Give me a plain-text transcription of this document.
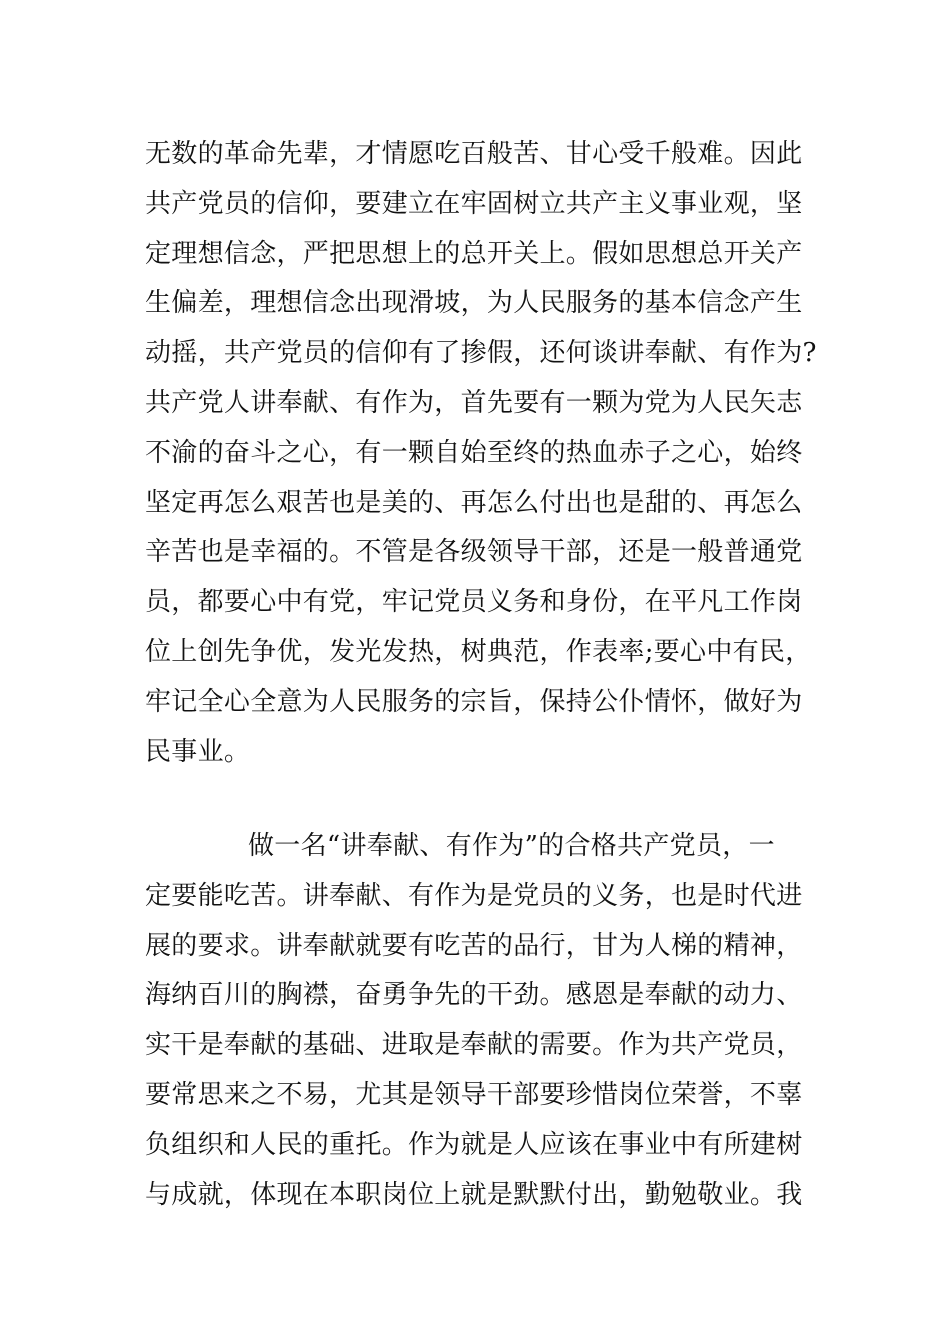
无数的革命先辈，才情愿吃百般苦、甘心受千般难。因此
共产党员的信仰，要建立在牢固树立共产主义事业观，坚
定理想信念，严把思想上的总开关上。假如思想总开关产
生偏差，理想信念出现滑坡，为人民服务的基本信念产生
动摇，共产党员的信仰有了掺假，还何谈讲奉献、有作为?
共产党人讲奉献、有作为，首先要有一颗为党为人民矢志
不渝的奋斗之心，有一颗自始至终的热血赤子之心，始终
坚定再怎么艰苦也是美的、再怎么付出也是甜的、再怎么
辛苦也是幸福的。不管是各级领导干部，还是一般普通党
员，都要心中有党，牢记党员义务和身份，在平凡工作岗
位上创先争优，发光发热，树典范，作表率;要心中有民，
牢记全心全意为人民服务的宗旨，保持公仆情怀，做好为
民事业。
做一名“讲奉献、有作为”的合格共产党员，一
定要能吃苦。讲奉献、有作为是党员的义务，也是时代进
展的要求。讲奉献就要有吃苦的品行，甘为人梯的精神，
海纳百川的胸襟，奋勇争先的干劲。感恩是奉献的动力、
实干是奉献的基础、进取是奉献的需要。作为共产党员，
要常思来之不易，尤其是领导干部要珍惜岗位荣誉，不辜
负组织和人民的重托。作为就是人应该在事业中有所建树
与成就，体现在本职岗位上就是默默付出，勤勉敬业。我
